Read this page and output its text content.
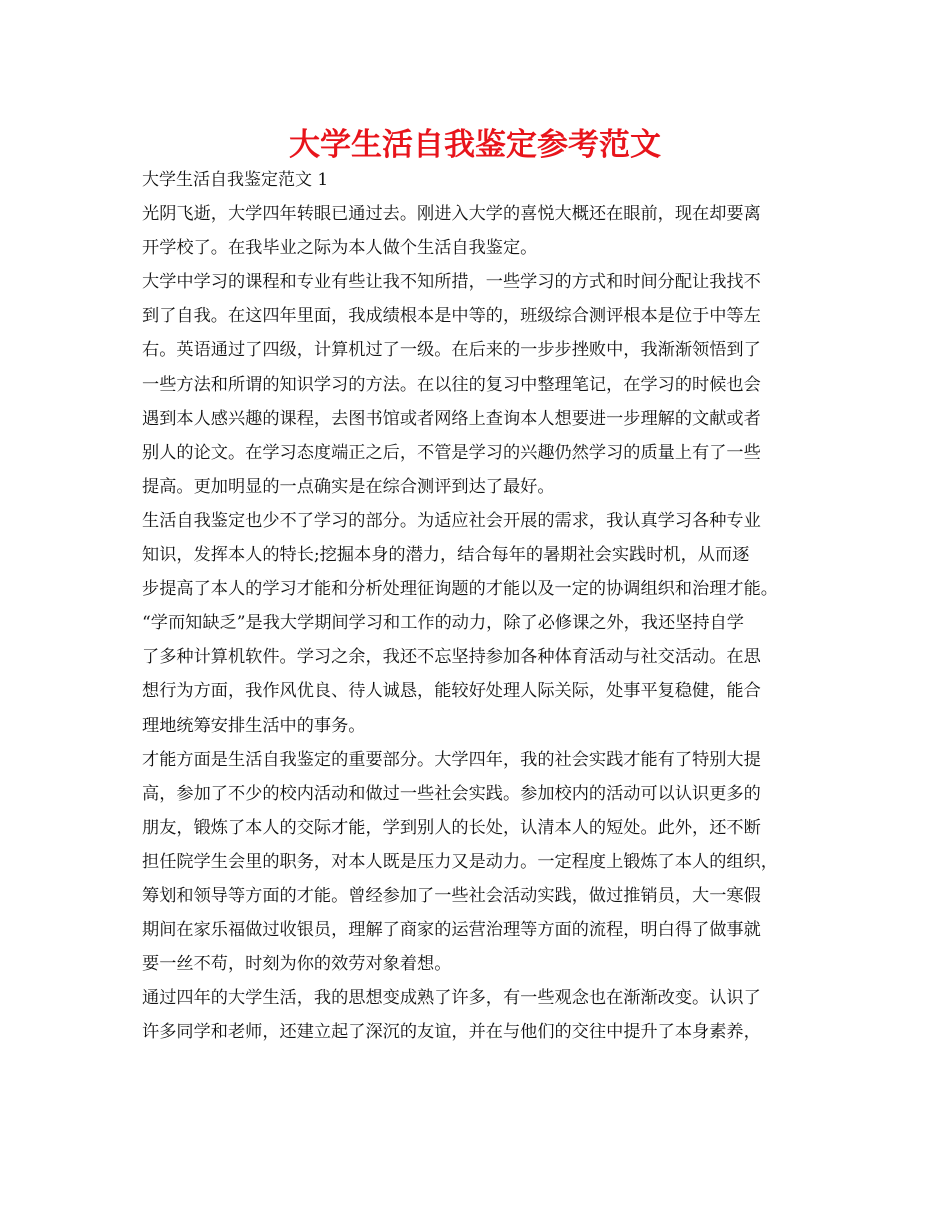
大学生活自我鉴定参考范文
大学生活自我鉴定范文 1
光阴飞逝，大学四年转眼已通过去。刚进入大学的喜悦大概还在眼前，现在却要离
开学校了。在我毕业之际为本人做个生活自我鉴定。
大学中学习的课程和专业有些让我不知所措，一些学习的方式和时间分配让我找不
到了自我。在这四年里面，我成绩根本是中等的，班级综合测评根本是位于中等左
右。英语通过了四级，计算机过了一级。在后来的一步步挫败中，我渐渐领悟到了
一些方法和所谓的知识学习的方法。在以往的复习中整理笔记，在学习的时候也会
遇到本人感兴趣的课程，去图书馆或者网络上查询本人想要进一步理解的文献或者
别人的论文。在学习态度端正之后，不管是学习的兴趣仍然学习的质量上有了一些
提高。更加明显的一点确实是在综合测评到达了最好。
生活自我鉴定也少不了学习的部分。为适应社会开展的需求，我认真学习各种专业
知识，发挥本人的特长;挖掘本身的潜力，结合每年的暑期社会实践时机，从而逐
步提高了本人的学习才能和分析处理征询题的才能以及一定的协调组织和治理才能。
“学而知缺乏”是我大学期间学习和工作的动力，除了必修课之外，我还坚持自学
了多种计算机软件。学习之余，我还不忘坚持参加各种体育活动与社交活动。在思
想行为方面，我作风优良、待人诚恳，能较好处理人际关际，处事平复稳健，能合
理地统筹安排生活中的事务。
才能方面是生活自我鉴定的重要部分。大学四年，我的社会实践才能有了特别大提
高，参加了不少的校内活动和做过一些社会实践。参加校内的活动可以认识更多的
朋友，锻炼了本人的交际才能，学到别人的长处，认清本人的短处。此外，还不断
担任院学生会里的职务，对本人既是压力又是动力。一定程度上锻炼了本人的组织，
筹划和领导等方面的才能。曾经参加了一些社会活动实践，做过推销员，大一寒假
期间在家乐福做过收银员，理解了商家的运营治理等方面的流程，明白得了做事就
要一丝不苟，时刻为你的效劳对象着想。
通过四年的大学生活，我的思想变成熟了许多，有一些观念也在渐渐改变。认识了
许多同学和老师，还建立起了深沉的友谊，并在与他们的交往中提升了本身素养，
